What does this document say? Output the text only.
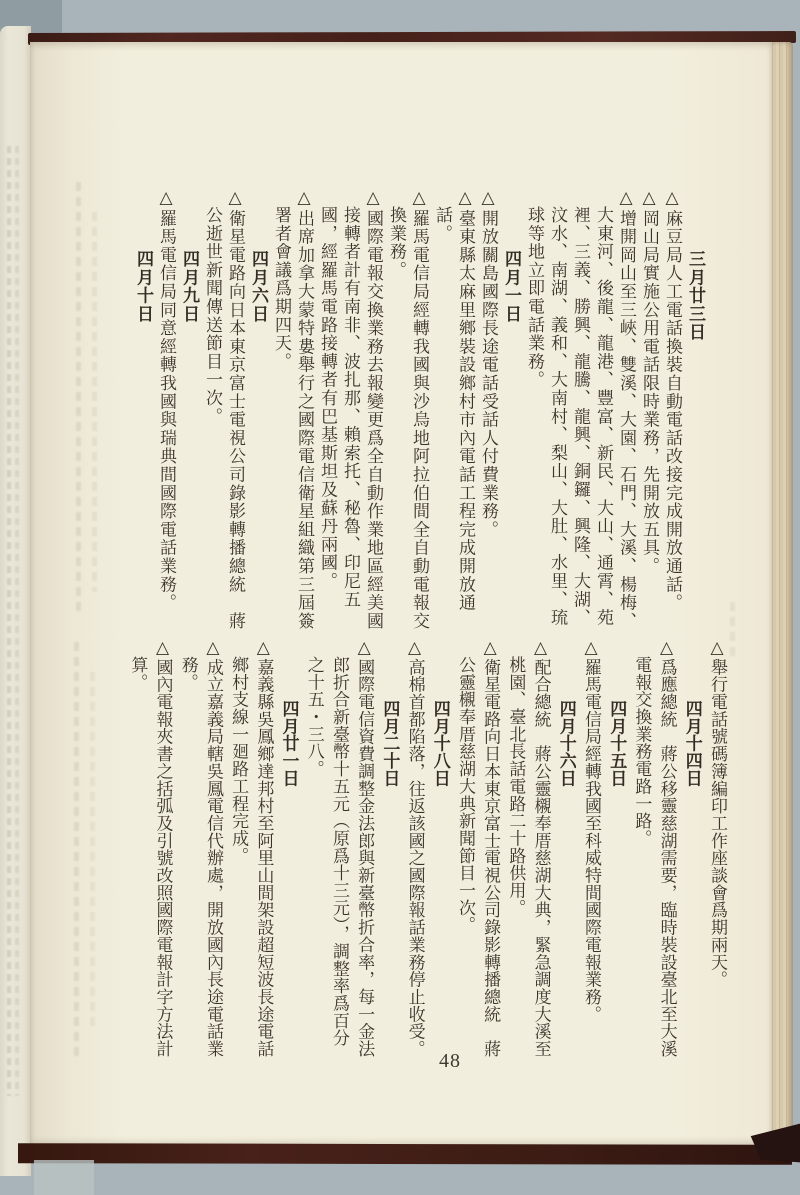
三月廿三日

△麻豆局人工電話換裝自動電話改接完成開放通話。

△岡山局實施公用電話限時業務，先開放五具。

△增開岡山至三峽、雙溪、大園、石門、大溪、楊梅、大東河、後龍、龍港、豐富、新民、大山、通霄、苑裡、三義、勝興、龍騰、龍興、銅鑼、興隆、大湖、汶水、南湖、義和、大南村、梨山、大肚、水里、琉球等地立即電話業務。

四月一日

△開放關島國際長途電話受話人付費業務。

△臺東縣太麻里鄉裝設鄉村市內電話工程完成開放通話。

△羅馬電信局經轉我國與沙烏地阿拉伯間全自動電報交換業務。

△國際電報交換業務去報變更爲全自動作業地區經美國接轉者計有南非、波扎那、賴索托、秘魯、印尼五國，經羅馬電路接轉者有巴基斯坦及蘇丹兩國。

△出席加拿大蒙特婁舉行之國際電信衛星組織第三屆簽署者會議爲期四天。

四月六日

△衛星電路向日本東京富士電視公司錄影轉播總統　蔣公逝世新聞傳送節目一次。

四月九日

△羅馬電信局同意經轉我國與瑞典間國際電話業務。

四月十日

△舉行電話號碼簿編印工作座談會爲期兩天。

四月十四日

△爲應總統　蔣公移靈慈湖需要，臨時裝設臺北至大溪電報交換業務電路一路。

四月十五日

△羅馬電信局經轉我國至科威特間國際電報業務。

四月十六日

△配合總統　蔣公靈櫬奉厝慈湖大典，緊急調度大溪至桃園、臺北長話電路二十路供用。

△衛星電路向日本東京富士電視公司錄影轉播總統　蔣公靈櫬奉厝慈湖大典新聞節目一次。

四月十八日

△高棉首都陷落，往返該國之國際報話業務停止收受。

四月二十日

△國際電信資費調整金法郎與新臺幣折合率，每一金法郎折合新臺幣十五元（原爲十三元），調整率爲百分之十五・三八。

四月廿一日

△嘉義縣吳鳳鄉達邦村至阿里山間架設超短波長途電話鄉村支線一廻路工程完成。

△成立嘉義局轄吳鳳電信代辦處，開放國內長途電話業務。

△國內電報夾書之括弧及引號改照國際電報計字方法計算。

48
